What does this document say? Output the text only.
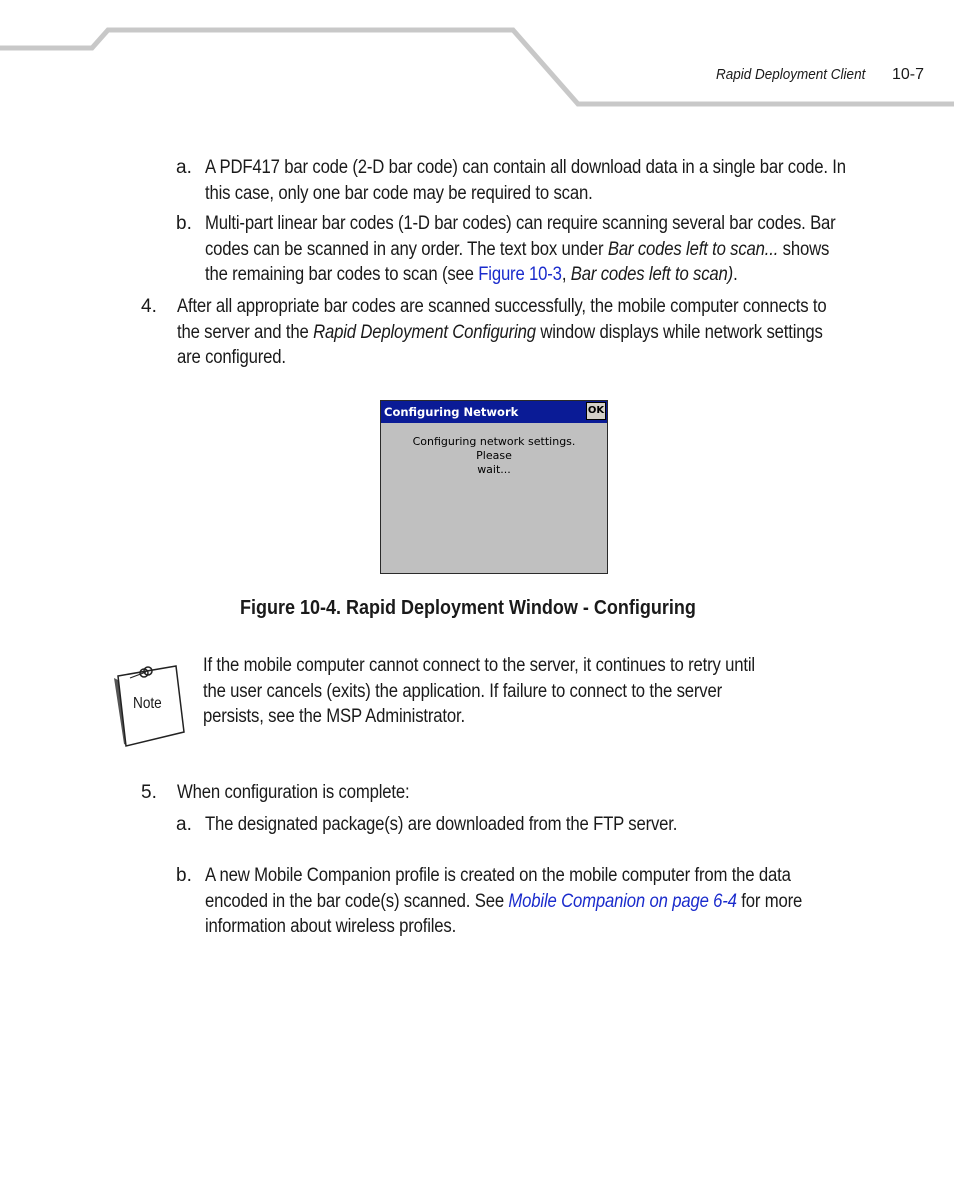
Rapid Deployment Client 10-7
a. A PDF417 bar code (2-D bar code) can contain all download data in a single bar code. In
this case, only one bar code may be required to scan.
b. Multi-part linear bar codes (1-D bar codes) can require scanning several bar codes. Bar
codes can be scanned in any order. The text box under Bar codes left to scan... shows
the remaining bar codes to scan (see Figure 10-3, Bar codes left to scan).
4. After all appropriate bar codes are scanned successfully, the mobile computer connects to
the server and the Rapid Deployment Configuring window displays while network settings
are configured.
Configuring Network	OK
Configuring network settings. Please
wait...
Figure 10-4. Rapid Deployment Window - Configuring
Note
If the mobile computer cannot connect to the server, it continues to retry until
the user cancels (exits) the application. If failure to connect to the server
persists, see the MSP Administrator.
5. When configuration is complete:
a. The designated package(s) are downloaded from the FTP server.
b. A new Mobile Companion profile is created on the mobile computer from the data
encoded in the bar code(s) scanned. See Mobile Companion on page 6-4 for more
information about wireless profiles.
